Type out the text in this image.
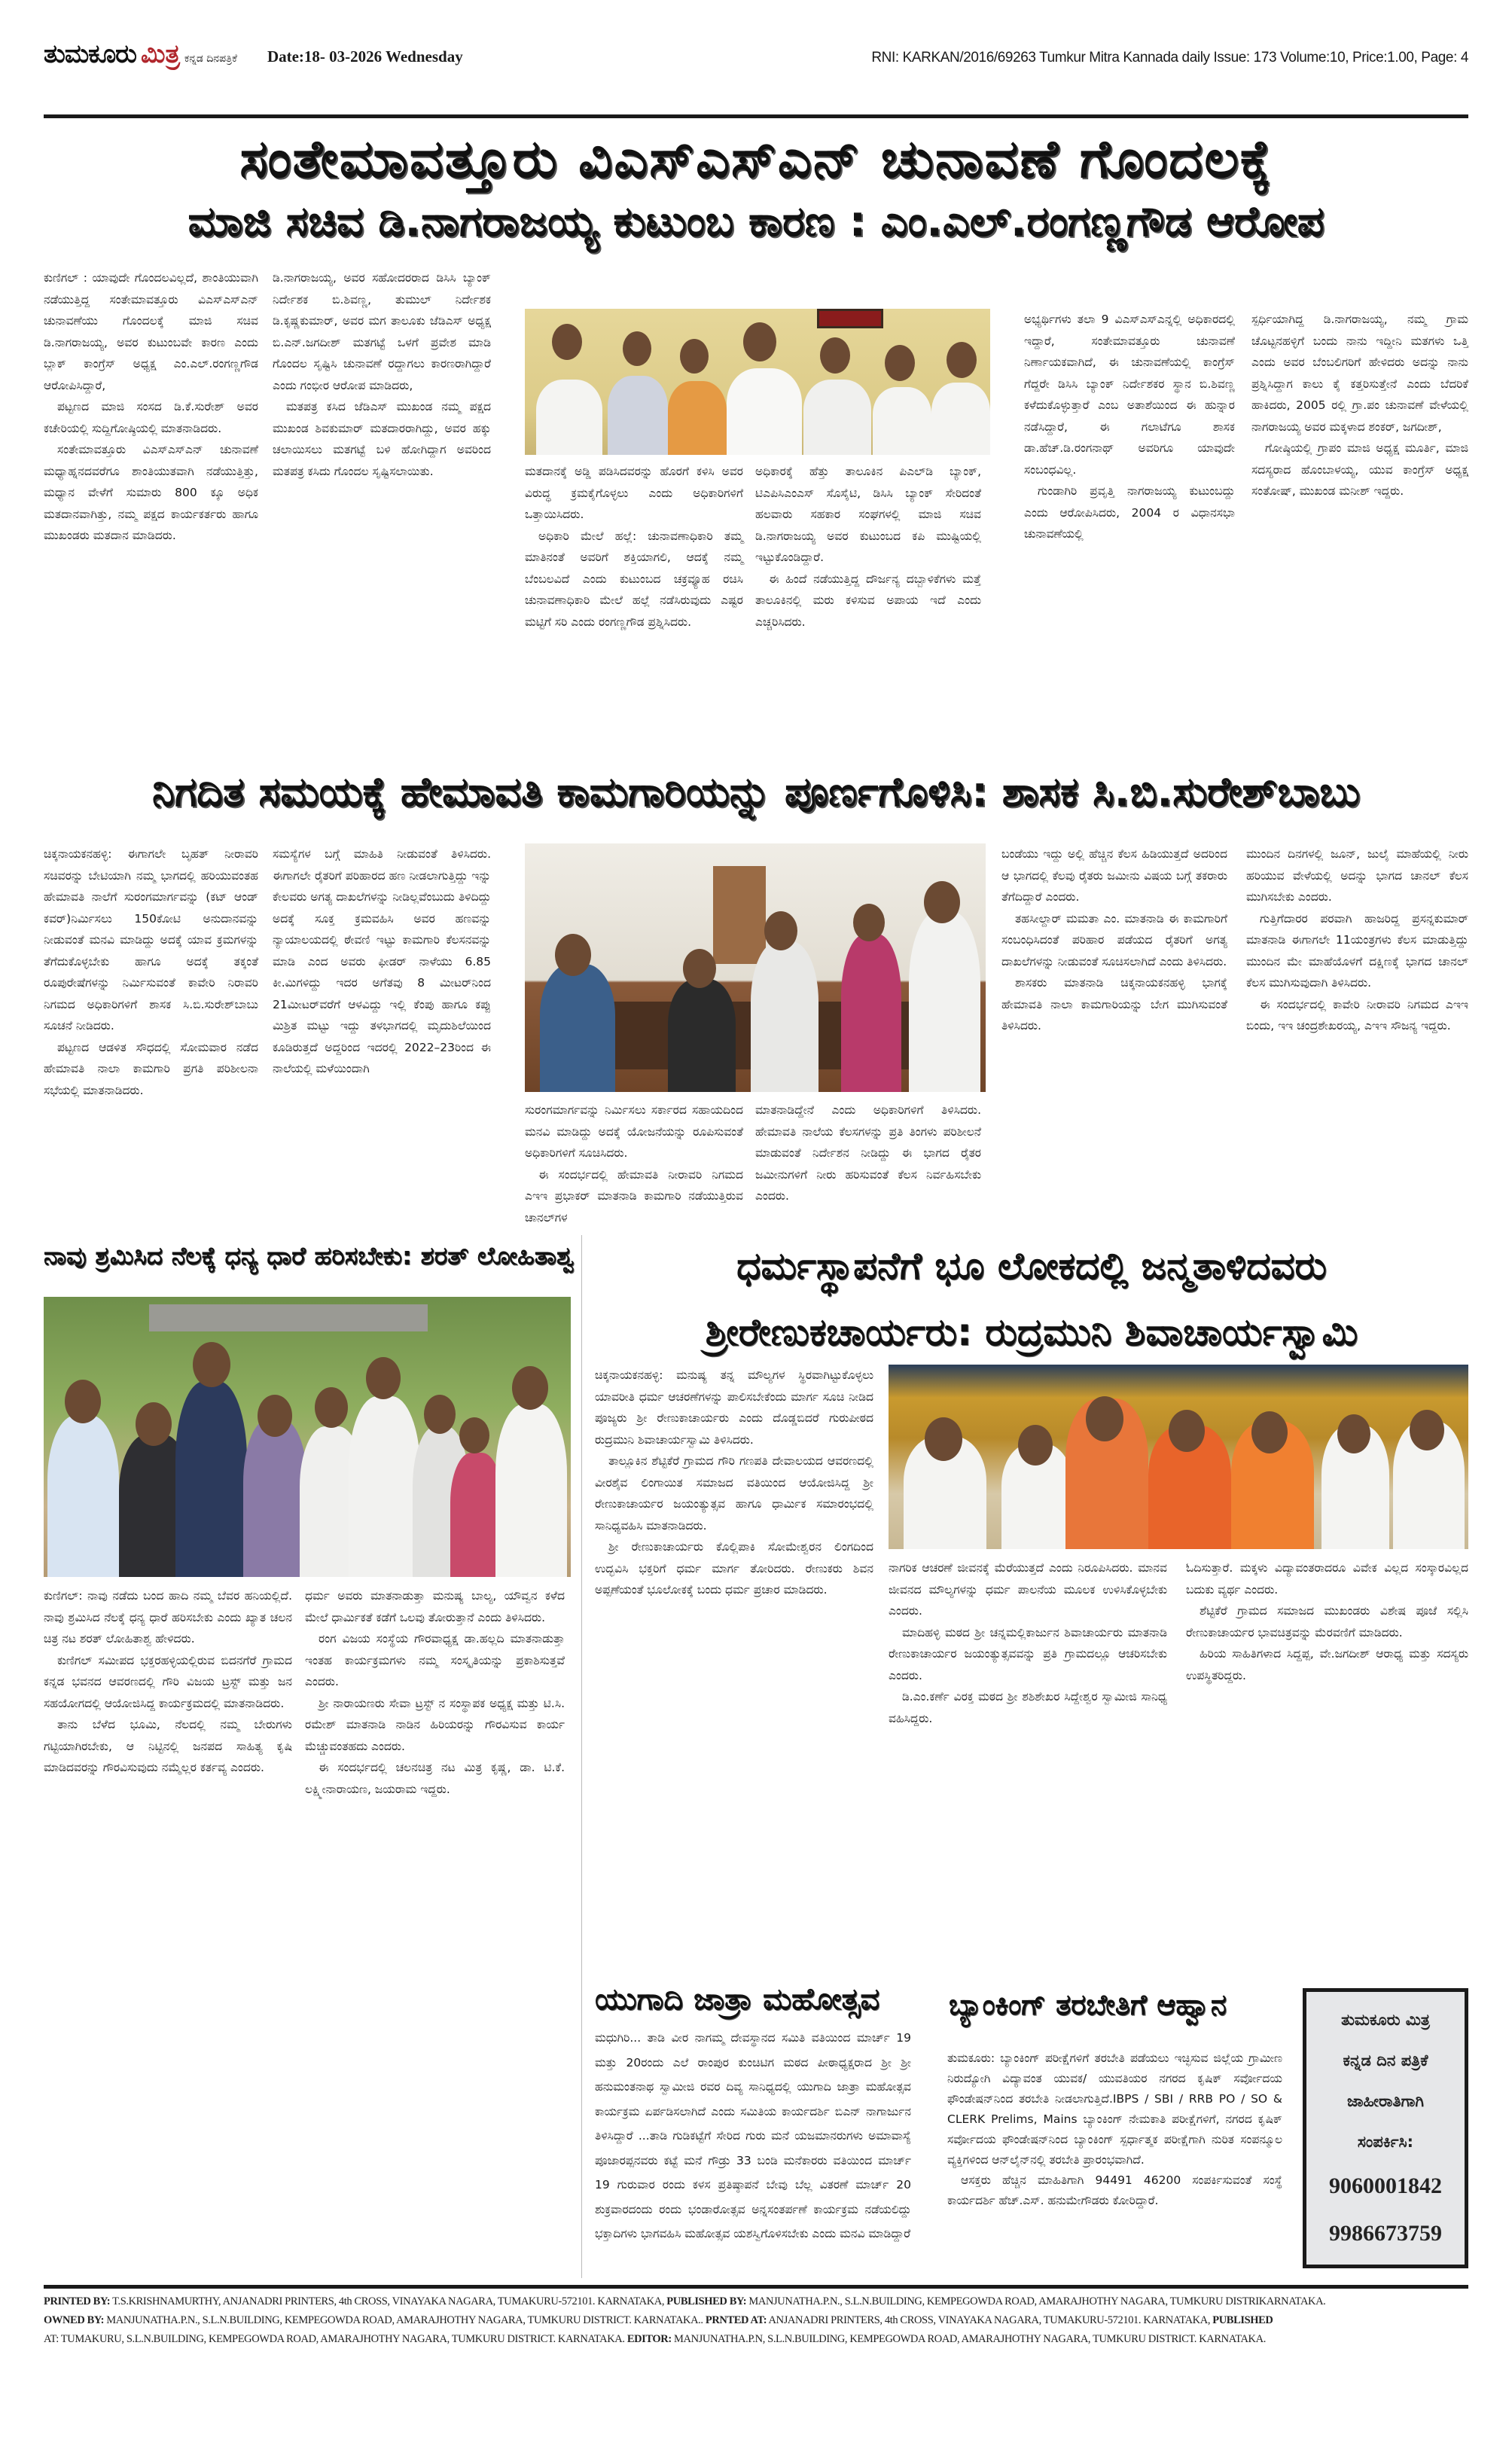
ತುಮಕೂರು ಮಿತ್ರ ಕನ್ನಡ ದಿನಪತ್ರಿಕೆ Date:18- 03-2026 Wednesday	RNI: KARKAN/2016/69263 Tumkur Mitra Kannada daily Issue: 173 Volume:10, Price:1.00, Page: 4
ಸಂತೇಮಾವತ್ತೂರು ವಿಎಸ್‌ಎಸ್‌ಎನ್ ಚುನಾವಣೆ ಗೊಂದಲಕ್ಕೆ
ಮಾಜಿ ಸಚಿವ ಡಿ.ನಾಗರಾಜಯ್ಯ ಕುಟುಂಬ ಕಾರಣ : ಎಂ.ಎಲ್.ರಂಗಣ್ಣಗೌಡ ಆರೋಪ

ಕುಣಿಗಲ್ : ಯಾವುದೇ ಗೊಂದಲವಿಲ್ಲದೆ, ಶಾಂತಿಯುವಾಗಿ ನಡೆಯುತ್ತಿದ್ದ ಸಂತೇಮಾವತ್ತೂರು ವಿಎಸ್‌ಎಸ್‌ಎನ್ ಚುನಾವಣೆಯು ಗೊಂದಲಕ್ಕೆ ಮಾಜಿ ಸಚಿವ ಡಿ.ನಾಗರಾಜಯ್ಯ, ಅವರ ಕುಟುಂಬವೇ ಕಾರಣ ಎಂದು ಬ್ಲಾಕ್ ಕಾಂಗ್ರೆಸ್ ಅಧ್ಯಕ್ಷ ಎಂ.ಎಲ್.ರಂಗಣ್ಣಗೌಡ ಆರೋಪಿಸಿದ್ದಾರೆ,

ಪಟ್ಟಣದ ಮಾಜಿ ಸಂಸದ ಡಿ.ಕೆ.ಸುರೇಶ್ ಅವರ ಕಚೇರಿಯಲ್ಲಿ ಸುದ್ದಿಗೋಷ್ಠಿಯಲ್ಲಿ ಮಾತನಾಡಿದರು.

ಸಂತೇಮಾವತ್ತೂರು ವಿಎಸ್‌ಎಸ್‌ಎನ್ ಚುನಾವಣೆ ಮಧ್ಯಾಹ್ನನದವರೆಗೂ ಶಾಂತಿಯುತವಾಗಿ ನಡೆಯುತ್ತಿತ್ತು, ಮಧ್ಯಾನ ವೇಳೆಗೆ ಸುಮಾರು 800 ಕ್ಕೂ ಅಧಿಕ ಮತದಾನವಾಗಿತ್ತು, ನಮ್ಮ ಪಕ್ಷದ ಕಾರ್ಯಕರ್ತರು ಹಾಗೂ ಮುಖಂಡರು ಮತದಾನ ಮಾಡಿದರು.

ಡಿ.ನಾಗರಾಜಯ್ಯ, ಅವರ ಸಹೋದರರಾದ ಡಿಸಿಸಿ ಬ್ಯಾಂಕ್ ನಿರ್ದೇಶಕ ಬಿ.ಶಿವಣ್ಣ, ತುಮುಲ್ ನಿರ್ದೇಶಕ ಡಿ.ಕೃಷ್ಣಕುಮಾರ್, ಅವರ ಮಗ ತಾಲೂಕು ಜೆಡಿಎಸ್ ಅಧ್ಯಕ್ಷ ಬಿ.ಎನ್.ಜಗದೀಶ್ ಮತಗಟ್ಟೆ ಒಳಗೆ ಪ್ರವೇಶ ಮಾಡಿ ಗೊಂದಲ ಸೃಷ್ಟಿಸಿ ಚುನಾವಣೆ ರದ್ದಾಗಲು ಕಾರಣರಾಗಿದ್ದಾರೆ ಎಂದು ಗಂಭೀರ ಆರೋಪ ಮಾಡಿದರು,

ಮತಪತ್ರ ಕಸಿದ ಜೆಡಿಎಸ್ ಮುಖಂಡ ನಮ್ಮ ಪಕ್ಷದ ಮುಖಂಡ ಶಿವಕುಮಾರ್ ಮತದಾರರಾಗಿದ್ದು, ಅವರ ಹಕ್ಕು ಚಲಾಯಿಸಲು ಮತಗಟ್ಟೆ ಬಳಿ ಹೋಗಿದ್ದಾಗ ಅವರಿಂದ ಮತಪತ್ರ ಕಸಿದು ಗೊಂದಲ ಸೃಷ್ಟಿಸಲಾಯಿತು.	ಮತದಾನಕ್ಕೆ ಅಡ್ಡಿ ಪಡಿಸಿದವರನ್ನು ಹೊರಗೆ ಕಳಿಸಿ ಅವರ ವಿರುದ್ಧ ಕ್ರಮಕೈಗೊಳ್ಳಲು ಎಂದು ಅಧಿಕಾರಿಗಳಿಗೆ ಒತ್ತಾಯಿಸಿದರು.

ಅಧಿಕಾರಿ ಮೇಲೆ ಹಲ್ಲೆ: ಚುನಾವಣಾಧಿಕಾರಿ ತಮ್ಮ ಮಾತಿನಂತೆ ಅವರಿಗೆ ಶಕ್ತಿಯಾಗಲಿ, ಆದಕ್ಕೆ ನಮ್ಮ ಬೆಂಬಲವಿದೆ ಎಂದು ಕುಟುಂಬದ ಚಕ್ರವ್ಯೂಹ ರಚಿಸಿ ಚುನಾವಣಾಧಿಕಾರಿ ಮೇಲೆ ಹಲ್ಲೆ ನಡೆಸಿರುವುದು ಎಷ್ಟರ ಮಟ್ಟಿಗೆ ಸರಿ ಎಂದು ರಂಗಣ್ಣಗೌಡ ಪ್ರಶ್ನಿಸಿದರು.

ಅಧಿಕಾರಕ್ಕೆ ಹೆತ್ತು ತಾಲೂಕಿನ ಪಿಎಲ್‌ಡಿ ಬ್ಯಾಂಕ್, ಟಿಎಪಿಸಿಎಂಎಸ್ ಸೊಸೈಟಿ, ಡಿಸಿಸಿ ಬ್ಯಾಂಕ್ ಸೇರಿದಂತೆ ಹಲವಾರು ಸಹಕಾರ ಸಂಘಗಳಲ್ಲಿ ಮಾಜಿ ಸಚಿವ ಡಿ.ನಾಗರಾಜಯ್ಯ ಅವರ ಕುಟುಂಬದ ಕಪಿ ಮುಷ್ಟಿಯಲ್ಲಿ ಇಟ್ಟುಕೊಂಡಿದ್ದಾರೆ.

ಈ ಹಿಂದೆ ನಡೆಯುತ್ತಿದ್ದ ದೌರ್ಜನ್ಯ ದಬ್ಬಾಳಿಕೆಗಳು ಮತ್ತೆ ತಾಲೂಕಿನಲ್ಲಿ ಮರು ಕಳಿಸುವ ಅಪಾಯ ಇದೆ ಎಂದು ಎಚ್ಚರಿಸಿದರು.

ಅಭ್ಯರ್ಥಿಗಳು ತಲಾ 9 ವಿಎಸ್‌ಎಸ್‌ಎನ್ನಲ್ಲಿ ಅಧಿಕಾರದಲ್ಲಿ ಇದ್ದಾರೆ, ಸಂತೇಮಾವತ್ತೂರು ಚುನಾವಣೆ ನಿರ್ಣಾಯಕವಾಗಿದೆ, ಈ ಚುನಾವಣೆಯಲ್ಲಿ ಕಾಂಗ್ರೆಸ್ ಗೆದ್ದರೇ ಡಿಸಿಸಿ ಬ್ಯಾಂಕ್ ನಿರ್ದೇಶಕರ ಸ್ಥಾನ ಬಿ.ಶಿವಣ್ಣ ಕಳೆದುಕೊಳ್ಳುತ್ತಾರೆ ಎಂಬ ಅತಾಶೆಯಿಂದ ಈ ಹುನ್ನಾರ ನಡೆಸಿದ್ದಾರೆ, ಈ ಗಲಾಟೆಗೂ ಶಾಸಕ ಡಾ.ಹೆಚ್.ಡಿ.ರಂಗನಾಥ್ ಅವರಿಗೂ ಯಾವುದೇ ಸಂಬಂಧವಿಲ್ಲ.

ಗುಂಡಾಗಿರಿ ಪ್ರವೃತ್ತಿ ನಾಗರಾಜಯ್ಯ ಕುಟುಂಬದ್ದು ಎಂದು ಆರೋಪಿಸಿದರು, 2004 ರ ವಿಧಾನಸಭಾ ಚುನಾವಣೆಯಲ್ಲಿ

ಸ್ಪರ್ಧಿಯಾಗಿದ್ದ ಡಿ.ನಾಗರಾಜಯ್ಯ, ನಮ್ಮ ಗ್ರಾಮ ಚೊಟ್ಟನಹಳ್ಳಿಗೆ ಬಂದು ನಾನು ಇದ್ದೀನಿ ಮತಗಳು ಒತ್ತಿ ಎಂದು ಅವರ ಬೆಂಬಲಿಗರಿಗೆ ಹೇಳಿದರು ಅದನ್ನು ನಾನು ಪ್ರಶ್ನಿಸಿದ್ದಾಗ ಕಾಲು ಕೈ ಕತ್ತರಿಸುತ್ತೇನೆ ಎಂದು ಬೆದರಿಕೆ ಹಾಕಿದರು, 2005 ರಲ್ಲಿ ಗ್ರಾ.ಪಂ ಚುನಾವಣೆ ವೇಳೆಯಲ್ಲಿ ನಾಗರಾಜಯ್ಯ ಅವರ ಮಕ್ಕಳಾದ ಶಂಕರ್, ಜಗದೀಶ್,

ಗೋಷ್ಠಿಯಲ್ಲಿ ಗ್ರಾಪಂ ಮಾಜಿ ಅಧ್ಯಕ್ಷ ಮೂರ್ತಿ, ಮಾಜಿ ಸದಸ್ಯರಾದ ಹೊಂಬಾಳಯ್ಯ, ಯುವ ಕಾಂಗ್ರೆಸ್ ಅಧ್ಯಕ್ಷ ಸಂತೋಷ್, ಮುಖಂಡ ಮನೀಶ್ ಇದ್ದರು.

ನಿಗದಿತ ಸಮಯಕ್ಕೆ ಹೇಮಾವತಿ ಕಾಮಗಾರಿಯನ್ನು ಪೂರ್ಣಗೊಳಿಸಿ: ಶಾಸಕ ಸಿ.ಬಿ.ಸುರೇಶ್‌ಬಾಬು

ಚಿಕ್ಕನಾಯಕನಹಳ್ಳಿ: ಈಗಾಗಲೇ ಬೃಹತ್ ನೀರಾವರಿ ಸಚಿವರನ್ನು ಬೇಟಿಯಾಗಿ ನಮ್ಮ ಭಾಗದಲ್ಲಿ ಹರಿಯುವಂತಹ ಹೇಮಾವತಿ ನಾಲೆಗೆ ಸುರಂಗಮಾರ್ಗವನ್ನು (ಕಟ್ ಆಂಡ್ ಕವರ್)ನಿರ್ಮಿಸಲು 150ಕೋಟಿ ಅನುದಾನವನ್ನು ನೀಡುವಂತೆ ಮನವಿ ಮಾಡಿದ್ದು ಅದಕ್ಕೆ ಯಾವ ಕ್ರಮಗಳನ್ನು ತೆಗೆದುಕೊಳ್ಳಬೇಕು ಹಾಗೂ ಅದಕ್ಕೆ ತಕ್ಕಂತೆ ರೂಪುರೇಷೆಗಳನ್ನು ನಿರ್ಮಿಸುವಂತೆ ಕಾವೇರಿ ನಿರಾವರಿ ನಿಗಮದ ಅಧಿಕಾರಿಗಳಿಗೆ ಶಾಸಕ ಸಿ.ಬಿ.ಸುರೇಶ್‌ಬಾಬು ಸೂಚನೆ ನೀಡಿದರು.

ಪಟ್ಟಣದ ಆಡಳಿತ ಸೌಧದಲ್ಲಿ ಸೋಮವಾರ ನಡೆದ ಹೇಮಾವತಿ ನಾಲಾ ಕಾಮಗಾರಿ ಪ್ರಗತಿ ಪರಿಶೀಲನಾ ಸಭೆಯಲ್ಲಿ ಮಾತನಾಡಿದರು.

ಸಮಸ್ಯೆಗಳ ಬಗ್ಗೆ ಮಾಹಿತಿ ನೀಡುವಂತೆ ತಿಳಿಸಿದರು. ಈಗಾಗಲೇ ರೈತರಿಗೆ ಪರಿಹಾರದ ಹಣ ನೀಡಲಾಗುತ್ತಿದ್ದು ಇನ್ನು ಕೇಲವರು ಅಗತ್ಯ ದಾಖಲೆಗಳನ್ನು ನೀಡಿಲ್ಲವೆಂಬುದು ತಿಳಿದಿದ್ದು ಅದಕ್ಕೆ ಸೂಕ್ತ ಕ್ರಮವಹಿಸಿ ಅವರ ಹಣವನ್ನು ನ್ಯಾಯಾಲಯದಲ್ಲಿ ಠೇವಣಿ ಇಟ್ಟು ಕಾಮಗಾರಿ ಕೆಲಸನವನ್ನು ಮಾಡಿ ಎಂದ ಅವರು ಫೀಡರ್ ನಾಳೆಯು 6.85 ಕೀ.ಮಿಗಳಿದ್ದು ಇದರ ಅಗೆತವು 8 ಮೀಟರ್‌ನಿಂದ 21ಮೀಟರ್‌ವರೆಗೆ ಆಳವಿದ್ದು ಇಲ್ಲಿ ಕೆಂಪು ಹಾಗೂ ಕಪ್ಪು ಮಿಶ್ರಿತ ಮಟ್ಟು ಇದ್ದು ತಳಭಾಗದಲ್ಲಿ ಮೃದುಶಿಲೆಯಿಂದ ಕೂಡಿರುತ್ತದೆ ಅದ್ದರಿಂದ ಇದರಲ್ಲಿ 2022–23ರಿಂದ ಈ ನಾಲೆಯಲ್ಲಿ ಮಳೆಯಿಂದಾಗಿ

ಸುರಂಗಮಾರ್ಗವನ್ನು ನಿರ್ಮಿಸಲು ಸರ್ಕಾರದ ಸಹಾಯದಿಂದ ಮನವಿ ಮಾಡಿದ್ದು ಅದಕ್ಕೆ ಯೋಜನೆಯನ್ನು ರೂಪಿಸುವಂತೆ ಅಧಿಕಾರಿಗಳಿಗೆ ಸೂಚಿಸಿದರು.

ಈ ಸಂದರ್ಭದಲ್ಲಿ ಹೇಮಾವತಿ ನೀರಾವರಿ ನಿಗಮದ ಎಇಇ ಪ್ರಭಾಕರ್ ಮಾತನಾಡಿ ಕಾಮಗಾರಿ ನಡೆಯುತ್ತಿರುವ ಚಾನಲ್‌ಗಳ

ಮಾತನಾಡಿದ್ದೇನೆ ಎಂದು ಅಧಿಕಾರಿಗಳಿಗೆ ತಿಳಿಸಿದರು. ಹೇಮಾವತಿ ನಾಲೆಯ ಕೆಲಸಗಳನ್ನು ಪ್ರತಿ ತಿಂಗಳು ಪರಿಶೀಲನೆ ಮಾಡುವಂತೆ ನಿರ್ದೇಶನ ನೀಡಿದ್ದು ಈ ಭಾಗದ ರೈತರ ಜಮೀನುಗಳಿಗೆ ನೀರು ಹರಿಸುವಂತೆ ಕೆಲಸ ನಿರ್ವಹಿಸಬೇಕು ಎಂದರು.

ಬಂಡೆಯು ಇದ್ದು ಅಲ್ಲಿ ಹೆಚ್ಚಿನ ಕೆಲಸ ಹಿಡಿಯುತ್ತದೆ ಅದರಿಂದ ಆ ಭಾಗದಲ್ಲಿ ಕೆಲವು ರೈತರು ಜಮೀನು ವಿಷಯ ಬಗ್ಗೆ ತಕರಾರು ತೆಗೆದಿದ್ದಾರೆ ಎಂದರು.

ತಹಸೀಲ್ದಾರ್ ಮಮತಾ ಎಂ. ಮಾತನಾಡಿ ಈ ಕಾಮಗಾರಿಗೆ ಸಂಬಂಧಿಸಿದಂತೆ ಪರಿಹಾರ ಪಡೆಯದ ರೈತರಿಗೆ ಅಗತ್ಯ ದಾಖಲೆಗಳನ್ನು ನೀಡುವಂತೆ ಸೂಚಿಸಲಾಗಿದೆ ಎಂದು ತಿಳಿಸಿದರು.

ಶಾಸಕರು ಮಾತನಾಡಿ ಚಿಕ್ಕನಾಯಕನಹಳ್ಳಿ ಭಾಗಕ್ಕೆ ಹೇಮಾವತಿ ನಾಲಾ ಕಾಮಗಾರಿಯನ್ನು ಬೇಗ ಮುಗಿಸುವಂತೆ ತಿಳಿಸಿದರು.

ಮುಂದಿನ ದಿನಗಳಲ್ಲಿ ಜೂನ್, ಜುಲೈ ಮಾಹೆಯಲ್ಲಿ ನೀರು ಹರಿಯುವ ವೇಳೆಯಲ್ಲಿ ಅದನ್ನು ಭಾಗದ ಚಾನಲ್ ಕೆಲಸ ಮುಗಿಸಬೇಕು ಎಂದರು.

ಗುತ್ತಿಗೆದಾರರ ಪರವಾಗಿ ಹಾಜರಿದ್ದ ಪ್ರಸನ್ನಕುಮಾರ್ ಮಾತನಾಡಿ ಈಗಾಗಲೇ 11ಯಂತ್ರಗಳು ಕೆಲಸ ಮಾಡುತ್ತಿದ್ದು ಮುಂದಿನ ಮೇ ಮಾಹೆಯೊಳಗೆ ದಕ್ಷಿಣಕ್ಕೆ ಭಾಗದ ಚಾನಲ್ ಕೆಲಸ ಮುಗಿಸುವುದಾಗಿ ತಿಳಿಸಿದರು.

ಈ ಸಂದರ್ಭದಲ್ಲಿ ಕಾವೇರಿ ನೀರಾವರಿ ನಿಗಮದ ಎಇಇ ಬಿಂದು, ಇಇ ಚಂದ್ರಶೇಖರಯ್ಯ, ಎಇಇ ಸೌಜನ್ಯ ಇದ್ದರು.

ನಾವು ಶ್ರಮಿಸಿದ ನೆಲಕ್ಕೆ ಧನ್ಯ ಧಾರೆ ಹರಿಸಬೇಕು: ಶರತ್ ಲೋಹಿತಾಶ್ವ

ಕುಣಿಗಲ್: ನಾವು ನಡೆದು ಬಂದ ಹಾದಿ ನಮ್ಮ ಬೆವರ ಹನಿಯಲ್ಲಿದೆ. ನಾವು ಶ್ರಮಿಸಿದ ನೆಲಕ್ಕೆ ಧನ್ಯ ಧಾರೆ ಹರಿಸಬೇಕು ಎಂದು ಖ್ಯಾತ ಚಲನ ಚಿತ್ರ ನಟ ಶರತ್ ಲೋಹಿತಾಶ್ವ ಹೇಳಿದರು.

ಕುಣಿಗಲ್ ಸಮೀಪದ ಭಕ್ತರಹಳ್ಳಿಯಲ್ಲಿರುವ ಬಿದನಗೆರೆ ಗ್ರಾಮದ ಕನ್ನಡ ಭವನದ ಆವರಣದಲ್ಲಿ ಗೌರಿ ವಿಜಯ ಟ್ರಸ್ಟ್ ಮತ್ತು ಜನ ಸಹಯೋಗದಲ್ಲಿ ಆಯೋಜಿಸಿದ್ದ ಕಾರ್ಯಕ್ರಮದಲ್ಲಿ ಮಾತನಾಡಿದರು.

ತಾನು ಬೆಳೆದ ಭೂಮಿ, ನೆಲದಲ್ಲಿ ನಮ್ಮ ಬೇರುಗಳು ಗಟ್ಟಿಯಾಗಿರಬೇಕು, ಆ ನಿಟ್ಟಿನಲ್ಲಿ ಜನಪದ ಸಾಹಿತ್ಯ ಕೃಷಿ ಮಾಡಿದವರನ್ನು ಗೌರವಿಸುವುದು ನಮ್ಮೆಲ್ಲರ ಕರ್ತವ್ಯ ಎಂದರು.

ಧರ್ಮ ಅವರು ಮಾತನಾಡುತ್ತಾ ಮನುಷ್ಯ ಬಾಲ್ಯ, ಯೌವ್ವನ ಕಳೆದ ಮೇಲೆ ಧಾರ್ಮಿಕತೆ ಕಡೆಗೆ ಒಲವು ತೋರುತ್ತಾನೆ ಎಂದು ತಿಳಿಸಿದರು.

ರಂಗ ವಿಜಯ ಸಂಸ್ಥೆಯ ಗೌರವಾಧ್ಯಕ್ಷ ಡಾ.ಹಲ್ಲದಿ ಮಾತನಾಡುತ್ತಾ ಇಂತಹ ಕಾರ್ಯಕ್ರಮಗಳು ನಮ್ಮ ಸಂಸ್ಕೃತಿಯನ್ನು ಪ್ರಕಾಶಿಸುತ್ತವೆ ಎಂದರು.

ಶ್ರೀ ನಾರಾಯಣರು ಸೇವಾ ಟ್ರಸ್ಟ್ ನ ಸಂಸ್ಥಾಪಕ ಅಧ್ಯಕ್ಷ ಮತ್ತು ಟಿ.ಸಿ. ರಮೇಶ್ ಮಾತನಾಡಿ ನಾಡಿನ ಹಿರಿಯರನ್ನು ಗೌರವಿಸುವ ಕಾರ್ಯ ಮೆಚ್ಚುವಂತಹದು ಎಂದರು.

ಈ ಸಂದರ್ಭದಲ್ಲಿ ಚಲನಚಿತ್ರ ನಟ ಮಿತ್ರ ಕೃಷ್ಣ, ಡಾ. ಟಿ.ಕೆ. ಲಕ್ಷ್ಮೀನಾರಾಯಣ, ಜಯರಾಮ ಇದ್ದರು.

ಧರ್ಮಸ್ಥಾಪನೆಗೆ ಭೂ ಲೋಕದಲ್ಲಿ ಜನ್ಮತಾಳಿದವರು
ಶ್ರೀರೇಣುಕಚಾರ್ಯರು: ರುದ್ರಮುನಿ ಶಿವಾಚಾರ್ಯಸ್ವಾಮಿ

ಚಿಕ್ಕನಾಯಕನಹಳ್ಳಿ: ಮನುಷ್ಯ ತನ್ನ ಮೌಲ್ಯಗಳ ಸ್ಥಿರವಾಗಿಟ್ಟುಕೊಳ್ಳಲು ಯಾವರೀತಿ ಧರ್ಮ ಆಚರಣೆಗಳನ್ನು ಪಾಲಿಸಬೇಕೆಂದು ಮಾರ್ಗ ಸೂಚಿ ನೀಡಿದ ಪೂಜ್ಯರು ಶ್ರೀ ರೇಣುಕಾಚಾರ್ಯರು ಎಂದು ದೊಡ್ಡಬಿದರೆ ಗುರುಪೀಠದ ರುದ್ರಮುನಿ ಶಿವಾಚಾರ್ಯಸ್ವಾಮಿ ತಿಳಿಸಿದರು.

ತಾಲ್ಲೂಕಿನ ಶೆಟ್ಟಿಕೆರೆ ಗ್ರಾಮದ ಗೌರಿ ಗಣಪತಿ ದೇವಾಲಯದ ಆವರಣದಲ್ಲಿ ವೀರಶೈವ ಲಿಂಗಾಯಿತ ಸಮಾಜದ ವತಿಯಿಂದ ಆಯೋಜಿಸಿದ್ದ ಶ್ರೀ ರೇಣುಕಾಚಾರ್ಯರ ಜಯಂತ್ಯುತ್ಸವ ಹಾಗೂ ಧಾರ್ಮಿಕ ಸಮಾರಂಭದಲ್ಲಿ ಸಾನಿಧ್ಯವಹಿಸಿ ಮಾತನಾಡಿದರು.

ಶ್ರೀ ರೇಣುಕಾಚಾರ್ಯರು ಕೊಲ್ಲಿಪಾಕಿ ಸೋಮೇಶ್ವರನ ಲಿಂಗದಿಂದ ಉದ್ಭವಿಸಿ ಭಕ್ತರಿಗೆ ಧರ್ಮ ಮಾರ್ಗ ತೋರಿದರು. ರೇಣುಕರು ಶಿವನ ಅಪ್ಪಣೆಯಂತೆ ಭೂಲೋಕಕ್ಕೆ ಬಂದು ಧರ್ಮ ಪ್ರಚಾರ ಮಾಡಿದರು.

ನಾಗರಿಕ ಆಚರಣೆ ಜೀವನಕ್ಕೆ ಮೆರೆಯುತ್ತದೆ ಎಂದು ನಿರೂಪಿಸಿದರು. ಮಾನವ ಜೀವನದ ಮೌಲ್ಯಗಳನ್ನು ಧರ್ಮ ಪಾಲನೆಯ ಮೂಲಕ ಉಳಿಸಿಕೊಳ್ಳಬೇಕು ಎಂದರು.

ಮಾದಿಹಳ್ಳಿ ಮಠದ ಶ್ರೀ ಚನ್ನಮಲ್ಲಿಕಾರ್ಜುನ ಶಿವಾಚಾರ್ಯರು ಮಾತನಾಡಿ ರೇಣುಕಾಚಾರ್ಯರ ಜಯಂತ್ಯುತ್ಸವವನ್ನು ಪ್ರತಿ ಗ್ರಾಮದಲ್ಲೂ ಆಚರಿಸಬೇಕು ಎಂದರು.

ಡಿ.ಎಂ.ಕರ್ಣೆ ವಿರಕ್ತ ಮಠದ ಶ್ರೀ ಶಶಿಶೇಖರ ಸಿದ್ದೇಶ್ವರ ಸ್ವಾಮೀಜಿ ಸಾನಿಧ್ಯ ವಹಿಸಿದ್ದರು.

ಓದಿಸುತ್ತಾರೆ. ಮಕ್ಕಳು ವಿದ್ಯಾವಂತರಾದರೂ ವಿವೇಕ ವಿಲ್ಲದ ಸಂಸ್ಕಾರವಿಲ್ಲದ ಬದುಕು ವ್ಯರ್ಥ ಎಂದರು.

ಶೆಟ್ಟಿಕೆರೆ ಗ್ರಾಮದ ಸಮಾಜದ ಮುಖಂಡರು ವಿಶೇಷ ಪೂಜೆ ಸಲ್ಲಿಸಿ ರೇಣುಕಾಚಾರ್ಯರ ಭಾವಚಿತ್ರವನ್ನು ಮೆರವಣಿಗೆ ಮಾಡಿದರು.

ಹಿರಿಯ ಸಾಹಿತಿಗಳಾದ ಸಿದ್ದಪ್ಪ, ವೇ.ಜಗದೀಶ್ ಆರಾಧ್ಯ ಮತ್ತು ಸದಸ್ಯರು ಉಪಸ್ಥಿತರಿದ್ದರು.

ಯುಗಾದಿ ಜಾತ್ರಾ ಮಹೋತ್ಸವ

ಮಧುಗಿರಿ... ತಾಡಿ ವೀರ ನಾಗಮ್ಮ ದೇವಸ್ಥಾನದ ಸಮಿತಿ ವತಿಯಿಂದ ಮಾರ್ಚ್ 19 ಮತ್ತು 20ರಂದು ಎಲೆ ರಾಂಪುರ ಕುಂಚಿಟಿಗ ಮಠದ ಪೀಠಾಧ್ಯಕ್ಷರಾದ ಶ್ರೀ ಶ್ರೀ ಹನುಮಂತನಾಥ ಸ್ವಾಮೀಜಿ ರವರ ದಿವ್ಯ ಸಾನಿಧ್ಯದಲ್ಲಿ ಯುಗಾದಿ ಜಾತ್ರಾ ಮಹೋತ್ಸವ ಕಾರ್ಯಕ್ರಮ ಏರ್ಪಡಿಸಲಾಗಿದೆ ಎಂದು ಸಮಿತಿಯ ಕಾರ್ಯದರ್ಶಿ ಬಿಎನ್ ನಾಗಾರ್ಜುನ ತಿಳಿಸಿದ್ದಾರೆ ...ತಾಡಿ ಗುಡಿಕಟ್ಟೆಗೆ ಸೇರಿದ ಗುರು ಮನೆ ಯಜಮಾನರುಗಳು ಅಮಾವಾಸ್ಯೆ ಪೂಜಾರಪ್ಪನವರು ಕಟ್ಟೆ ಮನೆ ಗೌಡ್ರು 33 ಬಂಡಿ ಮನೆಕಾರರು ವತಿಯಿಂದ ಮಾರ್ಚ್ 19 ಗುರುವಾರ ರಂದು ಕಳಸ ಪ್ರತಿಷ್ಠಾಪನೆ ಬೇವು ಬೆಲ್ಲ ವಿತರಣೆ ಮಾರ್ಚ್ 20 ಶುಕ್ರವಾರದಂದು ರಂದು ಭಂಡಾರೋತ್ಸವ ಅನ್ನಸಂತರ್ಪಣೆ ಕಾರ್ಯಕ್ರಮ ನಡೆಯಲಿದ್ದು ಭಕ್ತಾದಿಗಳು ಭಾಗವಹಿಸಿ ಮಹೋತ್ಸವ ಯಶಸ್ವಿಗೊಳಿಸಬೇಕು ಎಂದು ಮನವಿ ಮಾಡಿದ್ದಾರೆ

ಬ್ಯಾಂಕಿಂಗ್ ತರಬೇತಿಗೆ ಆಹ್ವಾನ

ತುಮಕೂರು: ಬ್ಯಾಂಕಿಂಗ್ ಪರೀಕ್ಷೆಗಳಿಗೆ ತರಬೇತಿ ಪಡೆಯಲು ಇಚ್ಛಿಸುವ ಜಿಲ್ಲೆಯ ಗ್ರಾಮೀಣ ನಿರುದ್ಯೋಗಿ ವಿದ್ಯಾವಂತ ಯುವಕ/ ಯುವತಿಯರ ನಗರದ ಕೃಷಿಕ್ ಸರ್ವೋದಯ ಫೌಂಡೇಷನ್‌ನಿಂದ ತರಬೇತಿ ನೀಡಲಾಗುತ್ತಿದೆ.IBPS / SBI / RRB PO / SO & CLERK Prelims, Mains ಬ್ಯಾಂಕಿಂಗ್ ನೇಮಕಾತಿ ಪರೀಕ್ಷೆಗಳಿಗೆ, ನಗರದ ಕೃಷಿಕ್ ಸರ್ವೋದಯ ಫೌಂಡೇಷನ್‌ನಿಂದ ಬ್ಯಾಂಕಿಂಗ್ ಸ್ಪರ್ಧಾತ್ಮಕ ಪರೀಕ್ಷೆಗಾಗಿ ನುರಿತ ಸಂಪನ್ಮೂಲ ವ್ಯಕ್ತಿಗಳಿಂದ ಆನ್‌ಲೈನ್‌ನಲ್ಲಿ ತರಬೇತಿ ಪ್ರಾರಂಭವಾಗಿದೆ.

ಆಸಕ್ತರು ಹೆಚ್ಚಿನ ಮಾಹಿತಿಗಾಗಿ 94491 46200 ಸಂಪರ್ಕಿಸುವಂತೆ ಸಂಸ್ಥೆ ಕಾರ್ಯದರ್ಶಿ ಹೆಚ್.ಎಸ್. ಹನುಮೇಗೌಡರು ಕೋರಿದ್ದಾರೆ.

ತುಮಕೂರು ಮಿತ್ರ
ಕನ್ನಡ ದಿನ ಪತ್ರಿಕೆ
ಜಾಹೀರಾತಿಗಾಗಿ
ಸಂಪರ್ಕಿಸಿ:
9060001842
9986673759
PRINTED BY: T.S.KRISHNAMURTHY, ANJANADRI PRINTERS, 4th CROSS, VINAYAKA NAGARA, TUMAKURU-572101. KARNATAKA, PUBLISHED BY: MANJUNATHA.P.N., S.L.N.BUILDING, KEMPEGOWDA ROAD, AMARAJHOTHY NAGARA, TUMKURU DISTRIKARNATAKA.
OWNED BY: MANJUNATHA.P.N., S.L.N.BUILDING, KEMPEGOWDA ROAD, AMARAJHOTHY NAGARA, TUMKURU DISTRICT. KARNATAKA.. PRNTED AT: ANJANADRI PRINTERS, 4th CROSS, VINAYAKA NAGARA, TUMAKURU-572101. KARNATAKA, PUBLISHED
AT: TUMAKURU, S.L.N.BUILDING, KEMPEGOWDA ROAD, AMARAJHOTHY NAGARA, TUMKURU DISTRICT. KARNATAKA. EDITOR: MANJUNATHA.P.N, S.L.N.BUILDING, KEMPEGOWDA ROAD, AMARAJHOTHY NAGARA, TUMKURU DISTRICT. KARNATAKA.
